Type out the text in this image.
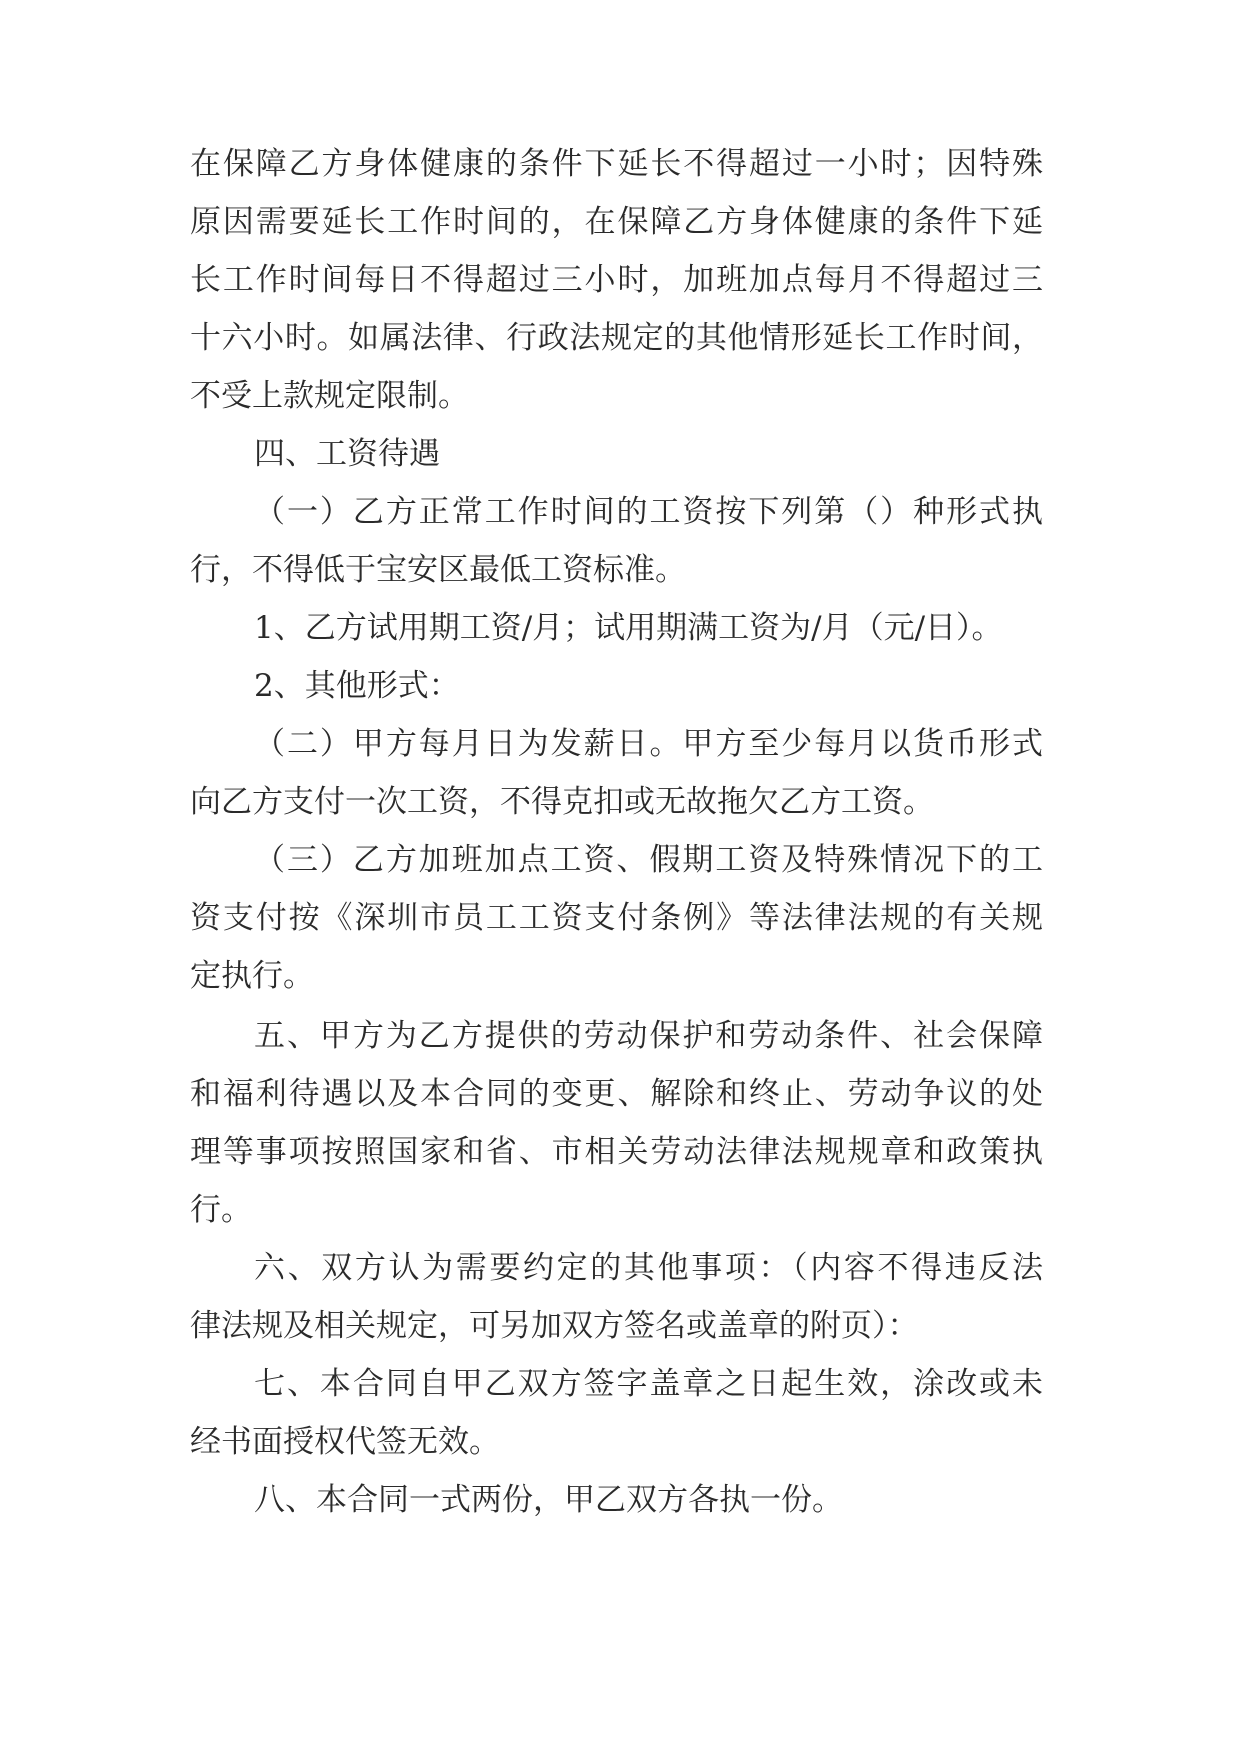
在保障乙方身体健康的条件下延长不得超过一小时；因特殊
原因需要延长工作时间的，在保障乙方身体健康的条件下延
长工作时间每日不得超过三小时，加班加点每月不得超过三
十六小时。如属法律、行政法规定的其他情形延长工作时间，
不受上款规定限制。
四、工资待遇
（一）乙方正常工作时间的工资按下列第（）种形式执
行，不得低于宝安区最低工资标准。
1、乙方试用期工资/月；试用期满工资为/月（元/日）。
2、其他形式：
（二）甲方每月日为发薪日。甲方至少每月以货币形式
向乙方支付一次工资，不得克扣或无故拖欠乙方工资。
（三）乙方加班加点工资、假期工资及特殊情况下的工
资支付按《深圳市员工工资支付条例》等法律法规的有关规
定执行。
五、甲方为乙方提供的劳动保护和劳动条件、社会保障
和福利待遇以及本合同的变更、解除和终止、劳动争议的处
理等事项按照国家和省、市相关劳动法律法规规章和政策执
行。
六、双方认为需要约定的其他事项：（内容不得违反法
律法规及相关规定，可另加双方签名或盖章的附页）：
七、本合同自甲乙双方签字盖章之日起生效，涂改或未
经书面授权代签无效。
八、本合同一式两份，甲乙双方各执一份。
